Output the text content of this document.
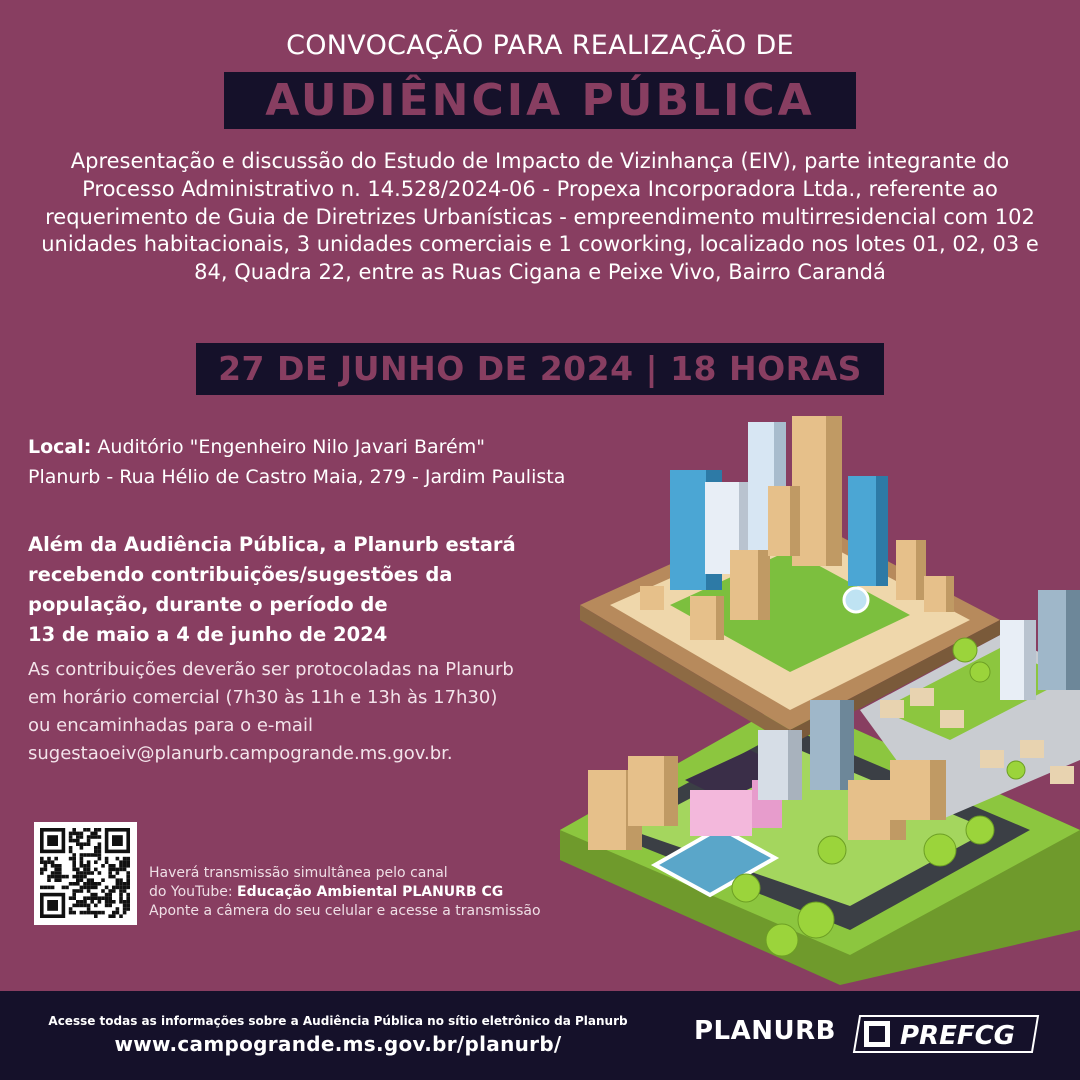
CONVOCAÇÃO PARA REALIZAÇÃO DE
AUDIÊNCIA PÚBLICA
Apresentação e discussão do Estudo de Impacto de Vizinhança (EIV), parte integrante do Processo Administrativo n. 14.528/2024-06 - Propexa Incorporadora Ltda., referente ao requerimento de Guia de Diretrizes Urbanísticas - empreendimento multirresidencial com 102 unidades habitacionais, 3 unidades comerciais e 1 coworking, localizado nos lotes 01, 02, 03 e 84, Quadra 22, entre as Ruas Cigana e Peixe Vivo, Bairro Carandá
27 DE JUNHO DE 2024 | 18 HORAS
Local: Auditório "Engenheiro Nilo Javari Barém"
Planurb - Rua Hélio de Castro Maia, 279 - Jardim Paulista
Além da Audiência Pública, a Planurb estará
recebendo contribuições/sugestões da
população, durante o período de
13 de maio a 4 de junho de 2024
As contribuições deverão ser protocoladas na Planurb
em horário comercial (7h30 às 11h e 13h às 17h30)
ou encaminhadas para o e-mail
sugestaoeiv@planurb.campogrande.ms.gov.br.
Haverá transmissão simultânea pelo canal
do YouTube: Educação Ambiental PLANURB CG
Aponte a câmera do seu celular e acesse a transmissão
Acesse todas as informações sobre a Audiência Pública no sítio eletrônico da Planurb
www.campogrande.ms.gov.br/planurb/	PLANURB PREFCG
